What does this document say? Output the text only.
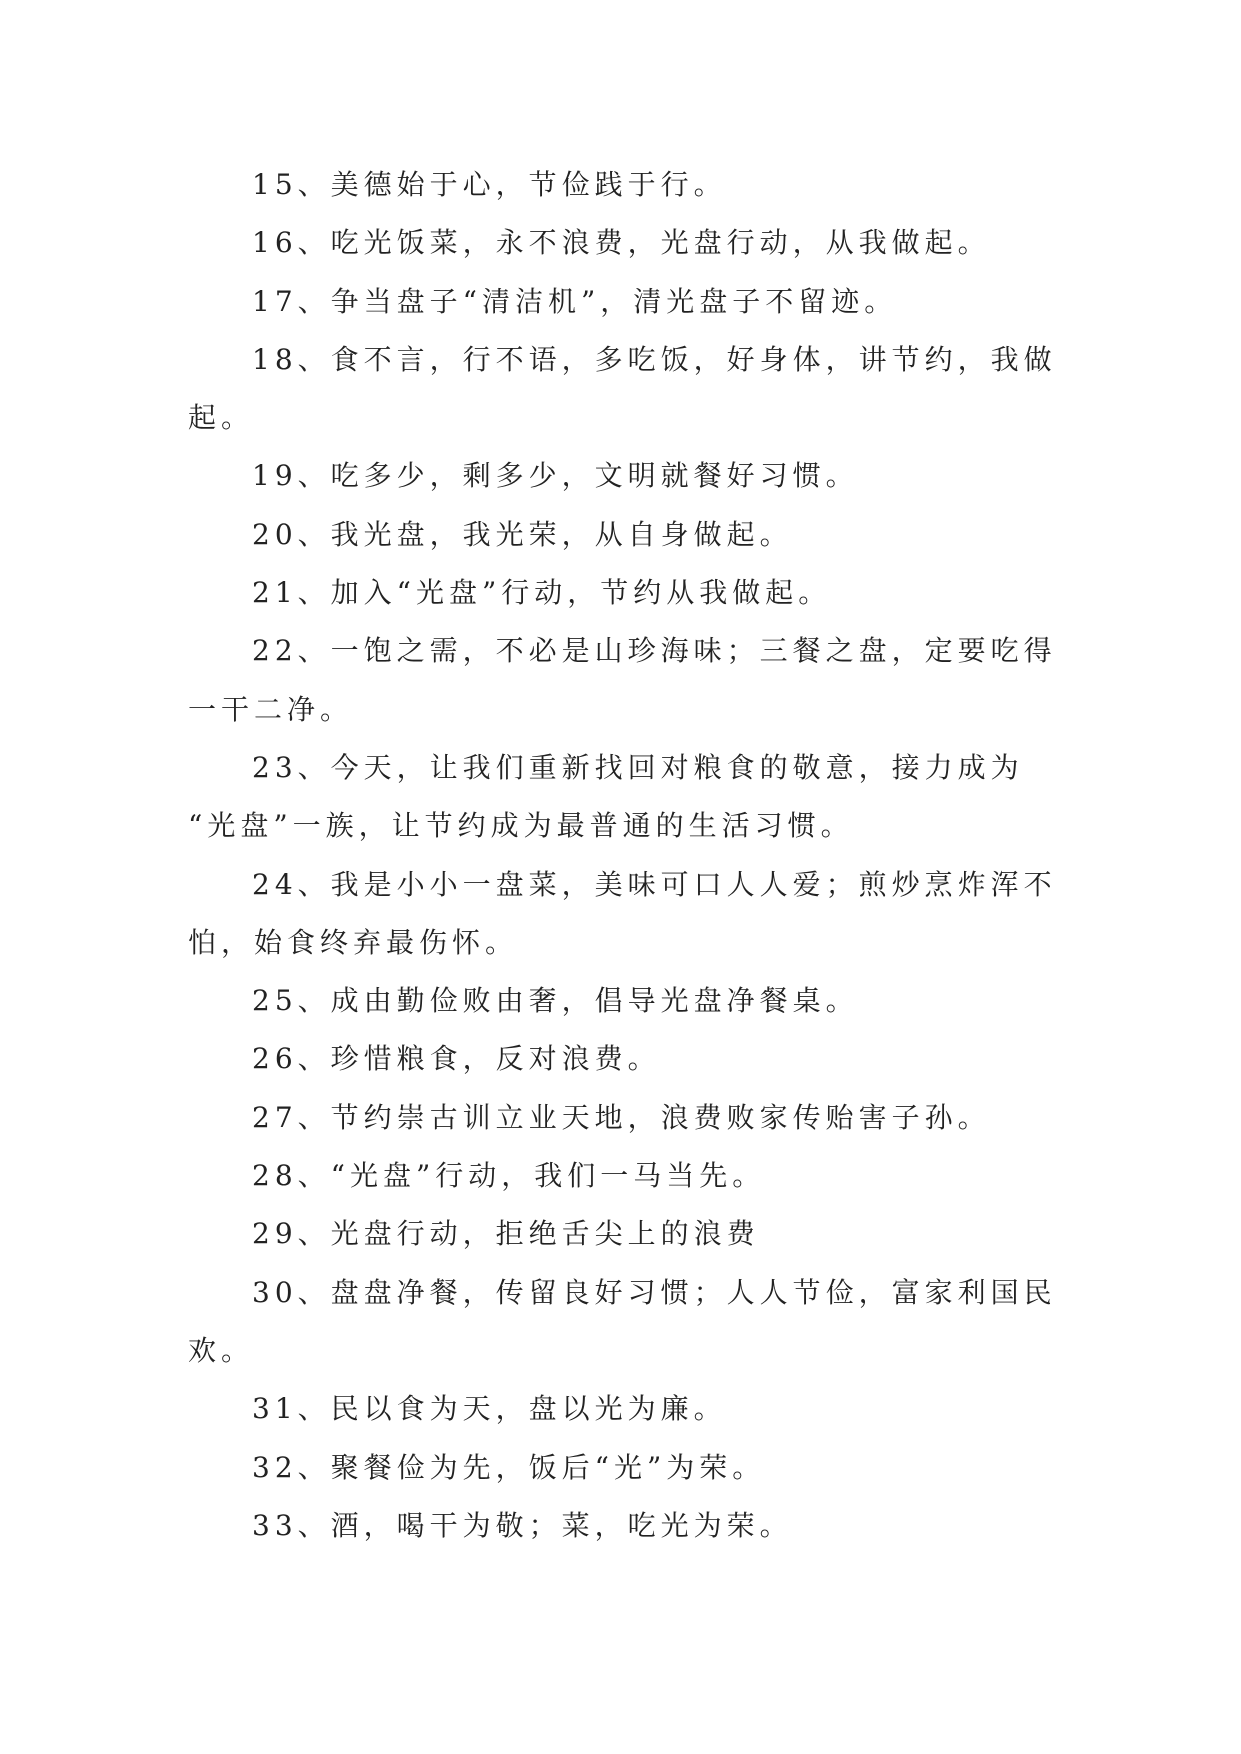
15、美德始于心，节俭践于行。
16、吃光饭菜，永不浪费，光盘行动，从我做起。
17、争当盘子“清洁机”，清光盘子不留迹。
18、食不言，行不语，多吃饭，好身体，讲节约，我做
起。
19、吃多少，剩多少，文明就餐好习惯。
20、我光盘，我光荣，从自身做起。
21、加入“光盘”行动，节约从我做起。
22、一饱之需，不必是山珍海味；三餐之盘，定要吃得
一干二净。
23、今天，让我们重新找回对粮食的敬意，接力成为
“光盘”一族，让节约成为最普通的生活习惯。
24、我是小小一盘菜，美味可口人人爱；煎炒烹炸浑不
怕，始食终弃最伤怀。
25、成由勤俭败由奢，倡导光盘净餐桌。
26、珍惜粮食，反对浪费。
27、节约崇古训立业天地，浪费败家传贻害子孙。
28、“光盘”行动，我们一马当先。
29、光盘行动，拒绝舌尖上的浪费
30、盘盘净餐，传留良好习惯；人人节俭，富家利国民
欢。
31、民以食为天，盘以光为廉。
32、聚餐俭为先，饭后“光”为荣。
33、酒，喝干为敬；菜，吃光为荣。
